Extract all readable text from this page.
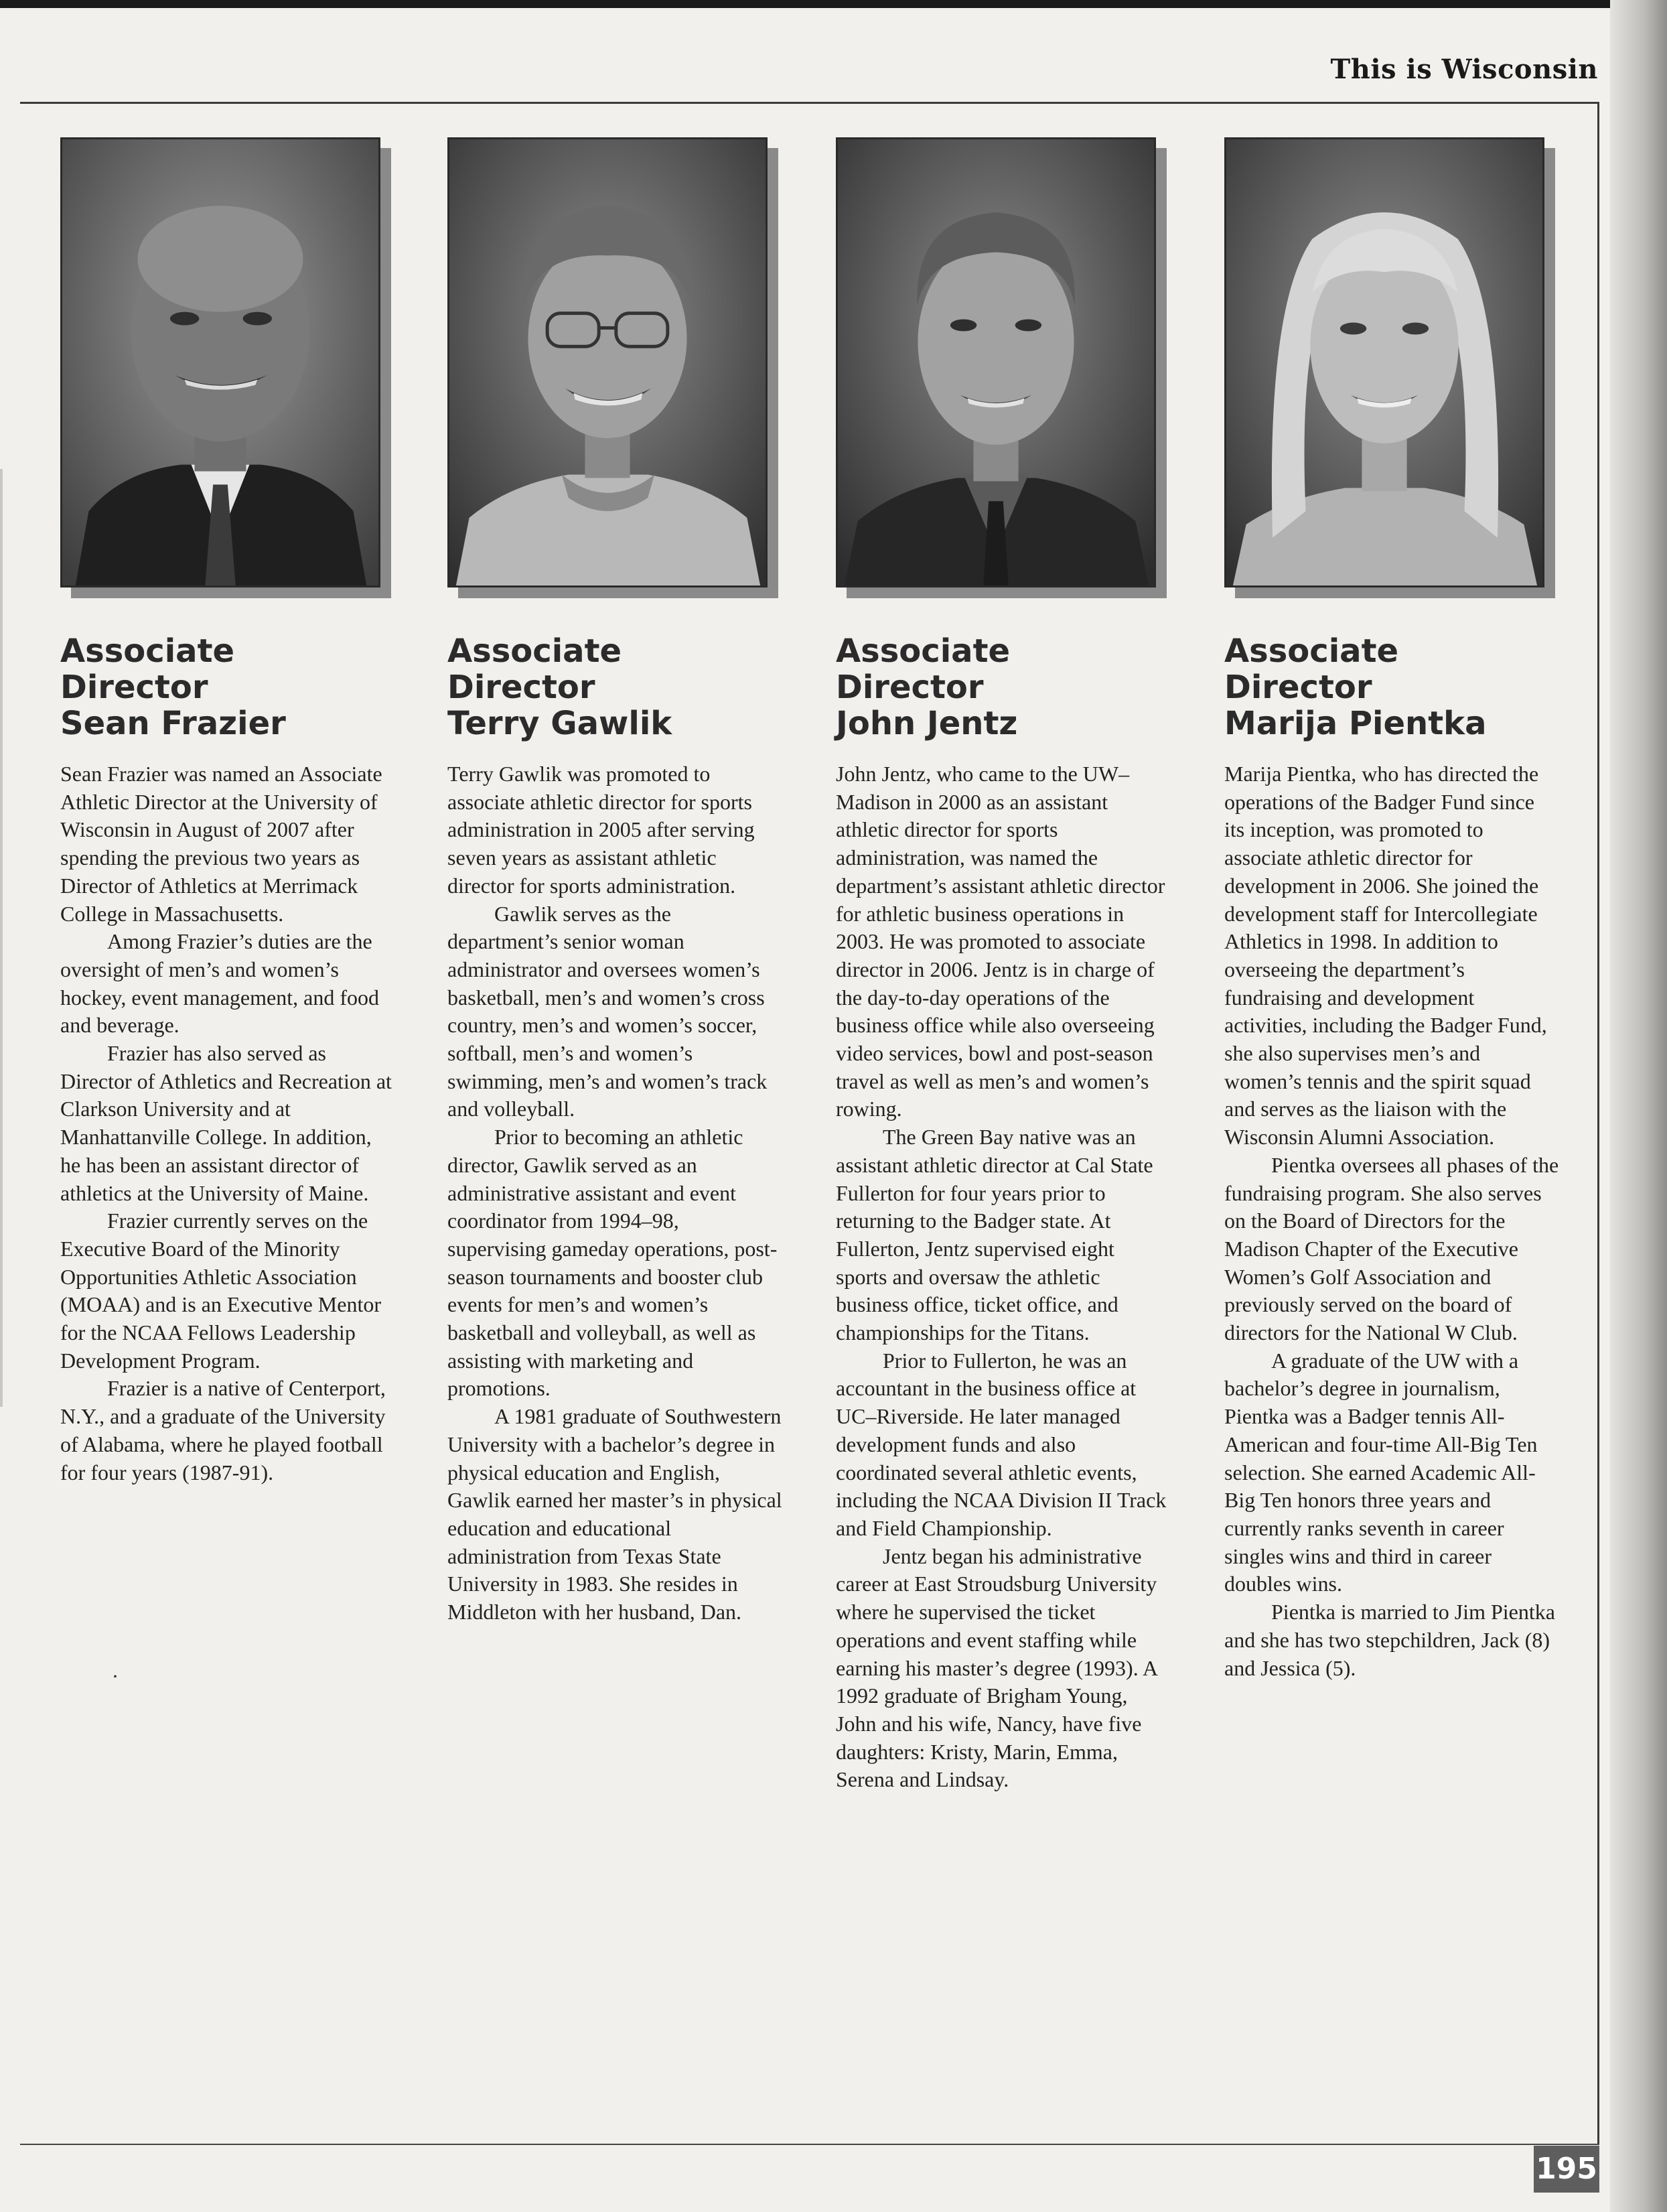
This is Wisconsin
Associate
Director
Sean Frazier

Sean Frazier was named an Associate Athletic Director at the University of Wisconsin in August of 2007 after spending the previous two years as Director of Athletics at Merrimack College in Massachusetts.

Among Frazier’s duties are the oversight of men’s and women’s hockey, event management, and food and beverage.

Frazier has also served as Director of Athletics and Recreation at Clarkson University and at Manhattanville College. In addition, he has been an assistant director of athletics at the University of Maine.

Frazier currently serves on the Executive Board of the Minority Opportunities Athletic Association (MOAA) and is an Executive Mentor for the NCAA Fellows Leadership Development Program.

Frazier is a native of Centerport, N.Y., and a graduate of the University of Alabama, where he played football for four years (1987-91).

.
Associate
Director
Terry Gawlik

Terry Gawlik was promoted to associate athletic director for sports administration in 2005 after serving seven years as assistant athletic director for sports administration.

Gawlik serves as the department’s senior woman administrator and oversees women’s basketball, men’s and women’s cross country, men’s and women’s soccer, softball, men’s and women’s swimming, men’s and women’s track and volleyball.

Prior to becoming an athletic director, Gawlik served as an administrative assistant and event coordinator from 1994–98, supervising gameday operations, post-season tournaments and booster club events for men’s and women’s basketball and volleyball, as well as assisting with marketing and promotions.

A 1981 graduate of Southwestern University with a bachelor’s degree in physical education and English, Gawlik earned her master’s in physical education and educational administration from Texas State University in 1983. She resides in Middleton with her husband, Dan.

Associate
Director
John Jentz

John Jentz, who came to the UW–Madison in 2000 as an assistant athletic director for sports administration, was named the department’s assistant athletic director for athletic business operations in 2003. He was promoted to associate director in 2006. Jentz is in charge of the day-to-day operations of the business office while also overseeing video services, bowl and post-season travel as well as men’s and women’s rowing.

The Green Bay native was an assistant athletic director at Cal State Fullerton for four years prior to returning to the Badger state. At Fullerton, Jentz supervised eight sports and oversaw the athletic business office, ticket office, and championships for the Titans.

Prior to Fullerton, he was an accountant in the business office at UC–Riverside. He later managed development funds and also coordinated several athletic events, including the NCAA Division II Track and Field Championship.

Jentz began his administrative career at East Stroudsburg University where he supervised the ticket operations and event staffing while earning his master’s degree (1993). A 1992 graduate of Brigham Young, John and his wife, Nancy, have five daughters: Kristy, Marin, Emma, Serena and Lindsay.

Associate
Director
Marija Pientka

Marija Pientka, who has directed the operations of the Badger Fund since its inception, was promoted to associate athletic director for development in 2006. She joined the development staff for Intercollegiate Athletics in 1998. In addition to overseeing the department’s fundraising and development activities, including the Badger Fund, she also supervises men’s and women’s tennis and the spirit squad and serves as the liaison with the Wisconsin Alumni Association.

Pientka oversees all phases of the fundraising program. She also serves on the Board of Directors for the Madison Chapter of the Executive Women’s Golf Association and previously served on the board of directors for the National W Club.

A graduate of the UW with a bachelor’s degree in journalism, Pientka was a Badger tennis All-American and four-time All-Big Ten selection. She earned Academic All-Big Ten honors three years and currently ranks seventh in career singles wins and third in career doubles wins.

Pientka is married to Jim Pientka and she has two stepchildren, Jack (8) and Jessica (5).

195
